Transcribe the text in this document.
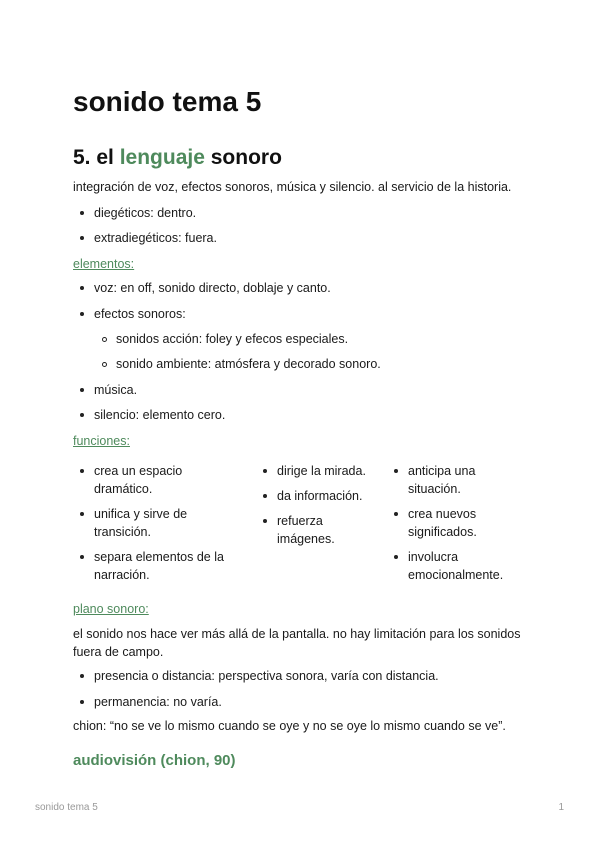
sonido tema 5
5. el lenguaje sonoro

integración de voz, efectos sonoros, música y silencio. al servicio de la historia.

diegéticos: dentro.
extradiegéticos: fuera.
elementos:
voz: en off, sonido directo, doblaje y canto.
efectos sonoros:
sonidos acción: foley y efecos especiales.
sonido ambiente: atmósfera y decorado sonoro.
música.
silencio: elemento cero.
funciones:
crea un espacio dramático.
unifica y sirve de transición.
separa elementos de la narración.
dirige la mirada.
da información.
refuerza imágenes.
anticipa una situación.
crea nuevos significados.
involucra emocionalmente.
plano sonoro:

el sonido nos hace ver más allá de la pantalla. no hay limitación para los sonidos fuera de campo.

presencia o distancia: perspectiva sonora, varía con distancia.
permanencia: no varía.

chion: “no se ve lo mismo cuando se oye y no se oye lo mismo cuando se ve”.

audiovisión (chion, 90)
sonido tema 5	1
